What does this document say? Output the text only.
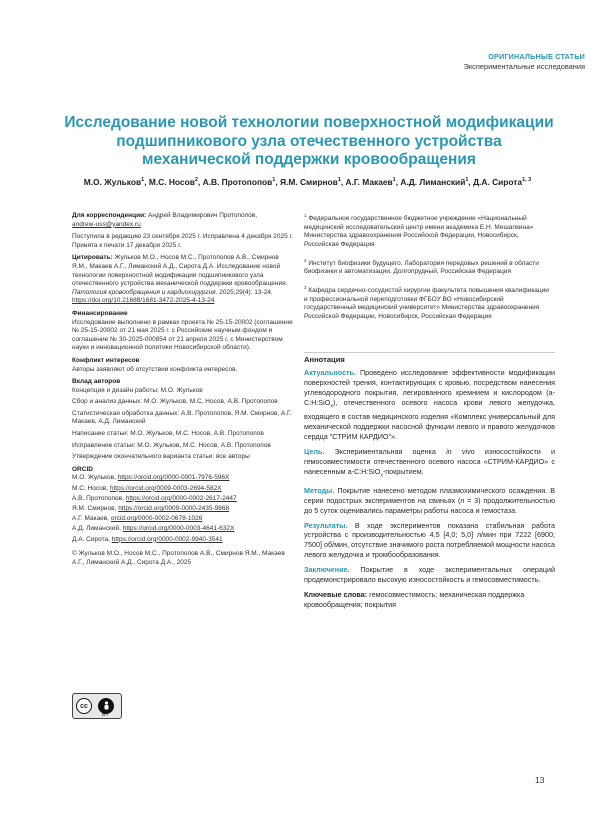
ОРИГИНАЛЬНЫЕ СТАТЬИ
Экспериментальные исследования
Исследование новой технологии поверхностной модификации подшипникового узла отечественного устройства механической поддержки кровообращения
М.О. Жульков$^1$, М.С. Носов$^2$, А.В. Протопопов$^1$, Я.М. Смирнов$^1$, А.Г. Макаев$^1$, А.Д. Лиманский$^1$, Д.А. Сирота$^{1, 3}$
Для корреспонденции: Андрей Владимирович Протопопов,
andrew-uss@yandex.ru
Поступила в редакцию 23 сентября 2025 г. Исправлена 4 декабря 2025 г. Принята к печати 17 декабря 2025 г.
Цитировать: Жульков М.О., Носов М.С., Протопопов А.В., Смирнов Я.М., Макаев А.Г., Лиманский А.Д., Сирота Д.А. Исследование новой технологии поверхностной модификации подшипникового узла отечественного устройства механической поддержки кровообращения. Патология кровообращения и кардиохирургия. 2025;29(4): 13-24. https://doi.org/10.21688/1681-3472-2025-4-13-24
Финансирование
Исследование выполнено в рамках проекта № 25-15-20002 (соглашение № 25-15-20002 от 21 мая 2025 г. с Российским научным фондом и соглашение № 30-2025-000854 от 21 апреля 2025 г. с Министерством науки и инновационной политики Новосибирской области).
Конфликт интересов
Авторы заявляют об отсутствии конфликта интересов.
Вклад авторов
Концепция и дизайн работы: М.О. Жульков
Сбор и анализ данных: М.О. Жульков, М.С. Носов, А.В. Протопопов
Статистическая обработка данных: А.В. Протопопов, Я.М. Смирнов, А.Г. Макаев, А.Д. Лиманский
Написание статьи: М.О. Жульков, М.С. Носов, А.В. Протопопов
Исправление статьи: М.О. Жульков, М.С. Носов, А.В. Протопопов
Утверждение окончательного варианта статьи: все авторы
ORCID
М.О. Жульков, https://orcid.org/0000-0001-7976-596X
М.С. Носов, https://orcid.org/0009-0003-2694-582X
А.В. Протопопов, https://orcid.org/0000-0002-2617-2447
Я.М. Смирнов, https://orcid.org/0009-0000-2435-9868
А.Г. Макаев, orcid.org/0000-0002-0678-1026
А.Д. Лиманский, https://orcid.org/0000-0003-4641-632X
Д.А. Сирота, https://orcid.org/0000-0002-9940-3541
© Жульков М.О., Носов М.С., Протопопов А.В., Смирнов Я.М., Макаев А.Г., Лиманский А.Д., Сирота Д.А., 2025
cc
BY
$^1$ Федеральное государственное бюджетное учреждение «Национальный медицинский исследовательский центр имени академика Е.Н. Мешалкина» Министерства здравоохранения Российской Федерации, Новосибирск, Российская Федерация
$^2$ Институт биофизики будущего. Лаборатория передовых решений в области биофизики и автоматизации, Долгопрудный, Российская Федерация
$^3$ Кафедра сердечно-сосудистой хирургии факультета повышения квалификации и профессиональной переподготовки ФГБОУ ВО «Новосибирский государственный медицинский университет» Министерства здравоохранения Российской Федерации, Новосибирск, Российская Федерация
Аннотация

Актуальность. Проведено исследование эффективности модификации поверхностей трения, контактирующих с кровью, посредством нанесения углеводородного покрытия, легированного кремнием и кислородом (a-C:H:SiO$_x$), отечественного осевого насоса крови левого желудочка, входящего в состав медицинского изделия «Комплекс универсальный для механической поддержки насосной функции левого и правого желудочков сердца "СТРИМ КАРДИО"».

Цель. Экспериментальная оценка in vivo износостойкости и гемосовместимости отечественного осевого насоса «СТРИМ-КАРДИО» с нанесенным a-C:H:SiO$_x$-покрытием.

Методы. Покрытие нанесено методом плазмохимического осаждения. В серии подострых экспериментов на свиньях (n = 3) продолжительностью до 5 суток оценивались параметры работы насоса и гемостаза.

Результаты. В ходе экспериментов показана стабильная работа устройства с производительностью 4,5 [4,0; 5,0] л/мин при 7222 [6900; 7500] об/мин, отсутствие значимого роста потребляемой мощности насоса левого желудочка и тромбообразования.

Заключение. Покрытие в ходе экспериментальных операций продемонстрировало высокую износостойкость и гемосовместимость.

Ключевые слова: гемосовместимость; механическая поддержка кровообращения; покрытия

13
